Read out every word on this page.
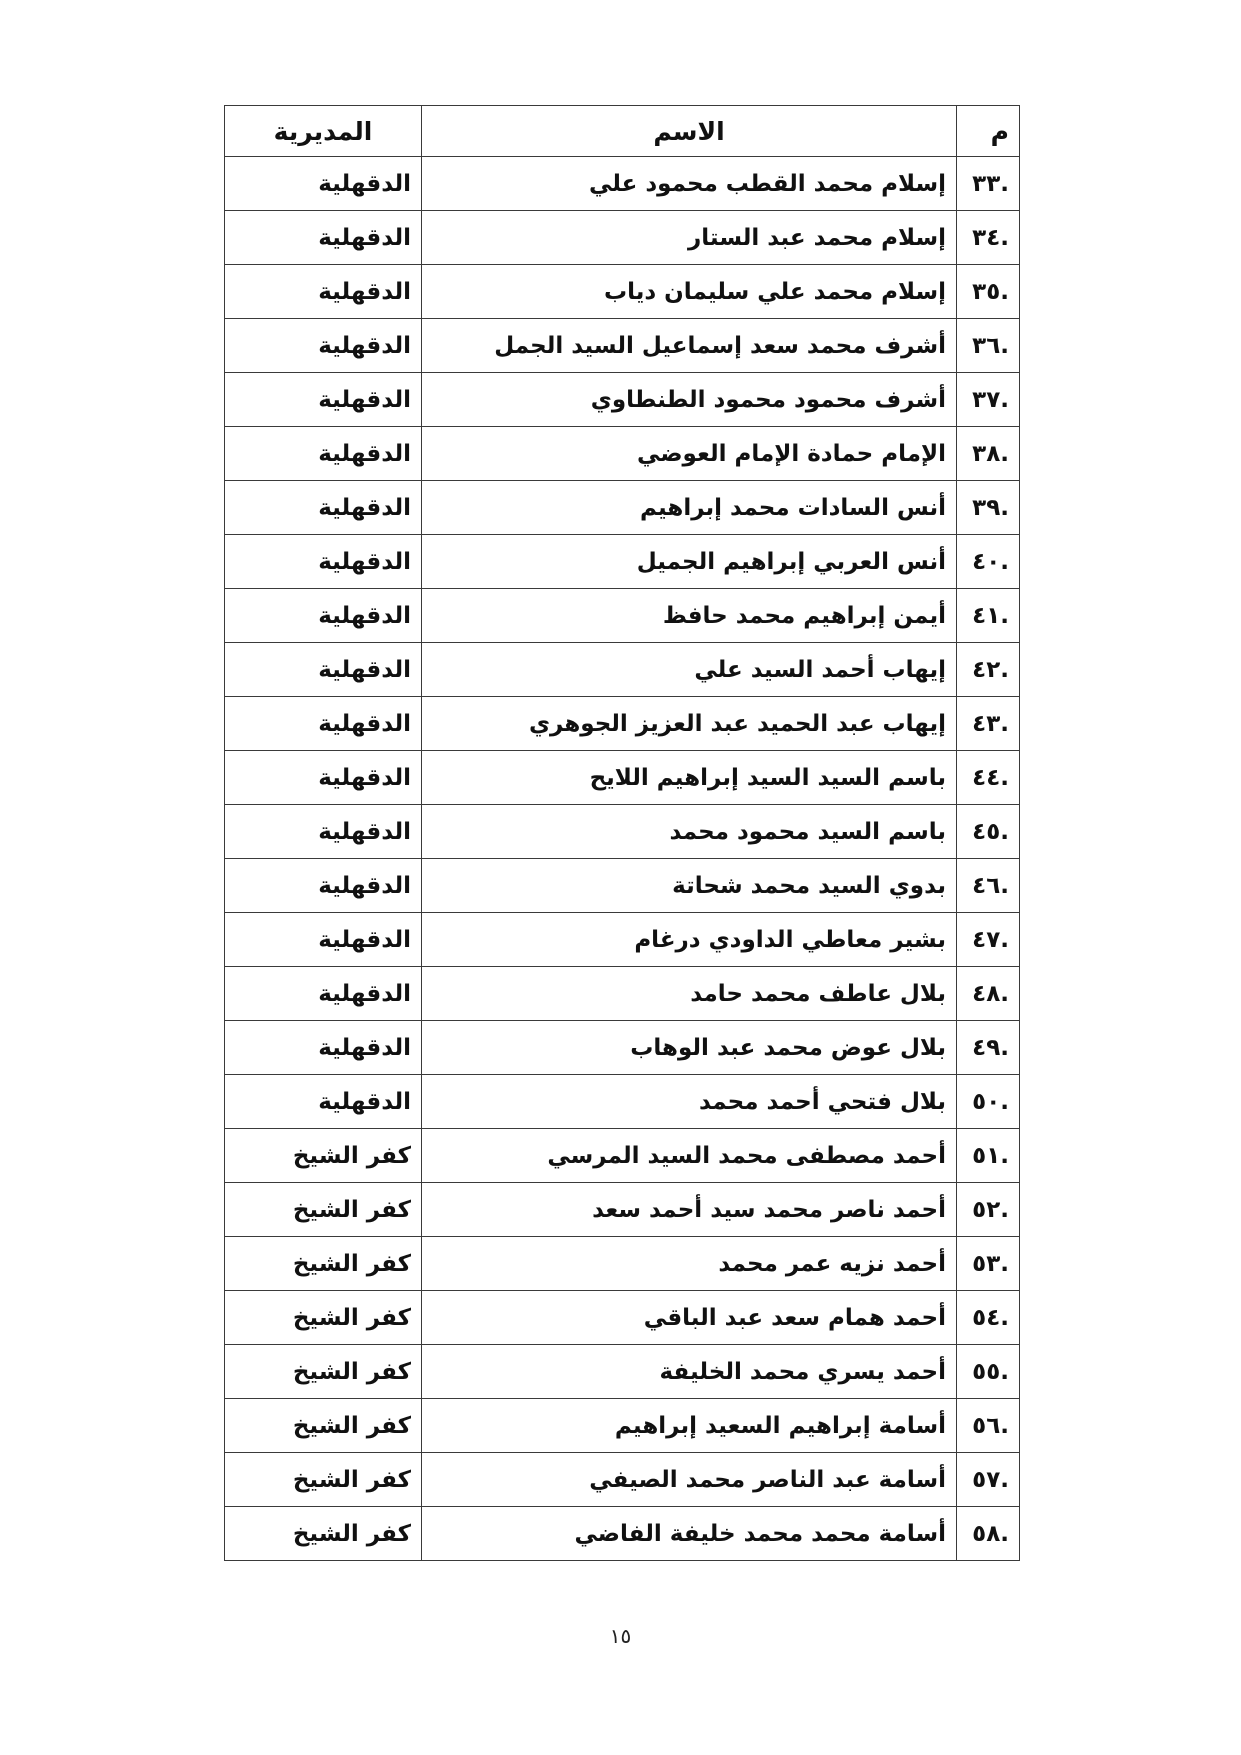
م	الاسم	المديرية
.٣٣	إسلام محمد القطب محمود علي	الدقهلية
.٣٤	إسلام محمد عبد الستار	الدقهلية
.٣٥	إسلام محمد علي سليمان دياب	الدقهلية
.٣٦	أشرف محمد سعد إسماعيل السيد الجمل	الدقهلية
.٣٧	أشرف محمود محمود الطنطاوي	الدقهلية
.٣٨	الإمام حمادة الإمام العوضي	الدقهلية
.٣٩	أنس السادات محمد إبراهيم	الدقهلية
.٤٠	أنس العربي إبراهيم الجميل	الدقهلية
.٤١	أيمن إبراهيم محمد حافظ	الدقهلية
.٤٢	إيهاب أحمد السيد علي	الدقهلية
.٤٣	إيهاب عبد الحميد عبد العزيز الجوهري	الدقهلية
.٤٤	باسم السيد السيد إبراهيم اللايح	الدقهلية
.٤٥	باسم السيد محمود محمد	الدقهلية
.٤٦	بدوي السيد محمد شحاتة	الدقهلية
.٤٧	بشير معاطي الداودي درغام	الدقهلية
.٤٨	بلال عاطف محمد حامد	الدقهلية
.٤٩	بلال عوض محمد عبد الوهاب	الدقهلية
.٥٠	بلال فتحي أحمد محمد	الدقهلية
.٥١	أحمد مصطفى محمد السيد المرسي	كفر الشيخ
.٥٢	أحمد ناصر محمد سيد أحمد سعد	كفر الشيخ
.٥٣	أحمد نزيه عمر محمد	كفر الشيخ
.٥٤	أحمد همام سعد عبد الباقي	كفر الشيخ
.٥٥	أحمد يسري محمد الخليفة	كفر الشيخ
.٥٦	أسامة إبراهيم السعيد إبراهيم	كفر الشيخ
.٥٧	أسامة عبد الناصر محمد الصيفي	كفر الشيخ
.٥٨	أسامة محمد محمد خليفة الفاضي	كفر الشيخ
١٥
